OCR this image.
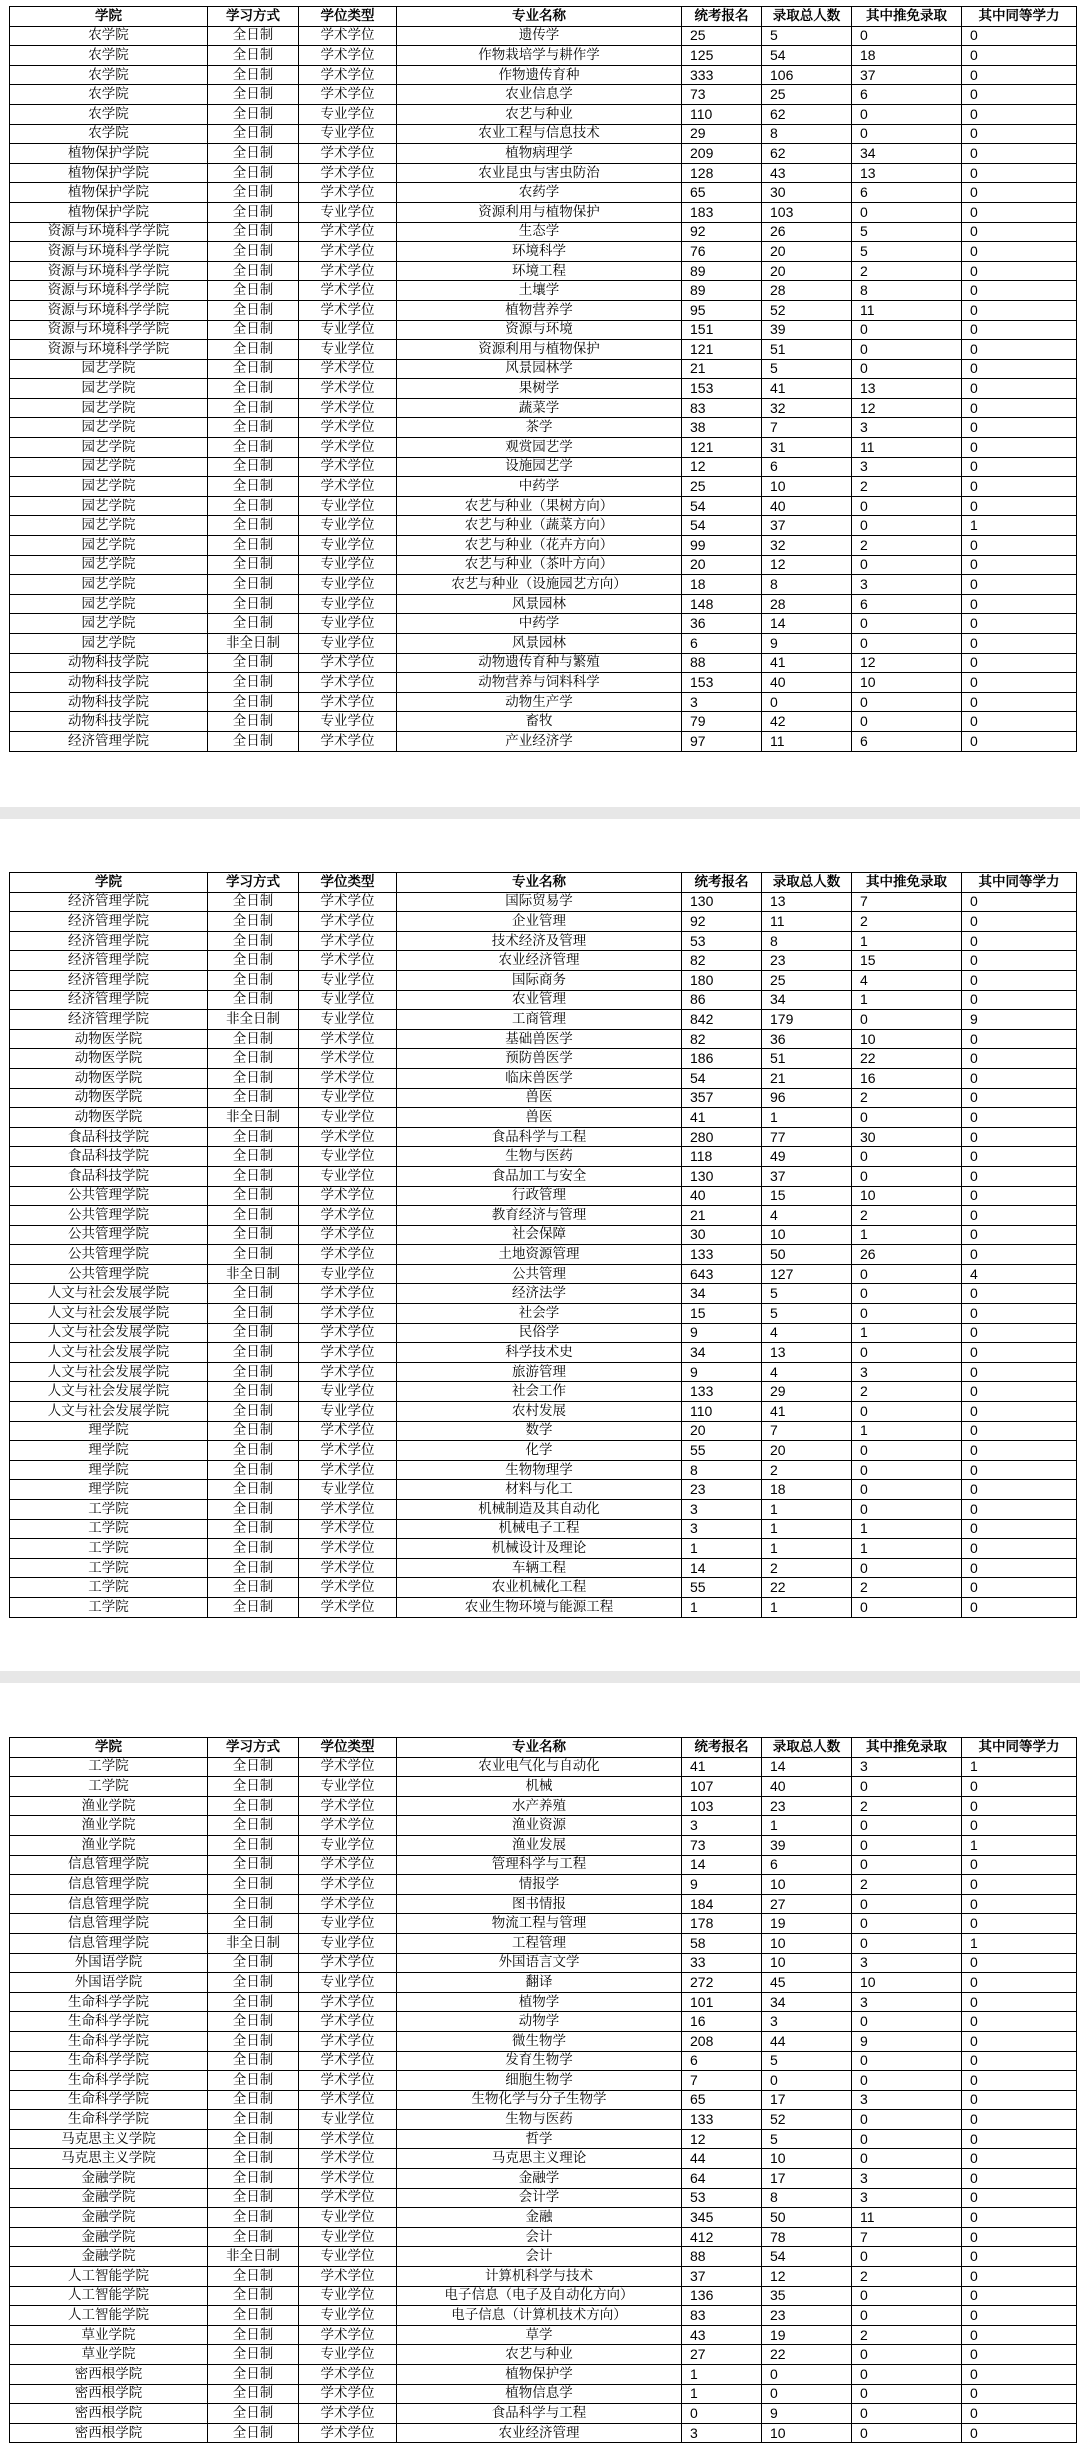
学院	学习方式	学位类型	专业名称	统考报名	录取总人数	其中推免录取	其中同等学力
农学院	全日制	学术学位	遗传学	25	5	0	0
农学院	全日制	学术学位	作物栽培学与耕作学	125	54	18	0
农学院	全日制	学术学位	作物遗传育种	333	106	37	0
农学院	全日制	学术学位	农业信息学	73	25	6	0
农学院	全日制	专业学位	农艺与种业	110	62	0	0
农学院	全日制	专业学位	农业工程与信息技术	29	8	0	0
植物保护学院	全日制	学术学位	植物病理学	209	62	34	0
植物保护学院	全日制	学术学位	农业昆虫与害虫防治	128	43	13	0
植物保护学院	全日制	学术学位	农药学	65	30	6	0
植物保护学院	全日制	专业学位	资源利用与植物保护	183	103	0	0
资源与环境科学学院	全日制	学术学位	生态学	92	26	5	0
资源与环境科学学院	全日制	学术学位	环境科学	76	20	5	0
资源与环境科学学院	全日制	学术学位	环境工程	89	20	2	0
资源与环境科学学院	全日制	学术学位	土壤学	89	28	8	0
资源与环境科学学院	全日制	学术学位	植物营养学	95	52	11	0
资源与环境科学学院	全日制	专业学位	资源与环境	151	39	0	0
资源与环境科学学院	全日制	专业学位	资源利用与植物保护	121	51	0	0
园艺学院	全日制	学术学位	风景园林学	21	5	0	0
园艺学院	全日制	学术学位	果树学	153	41	13	0
园艺学院	全日制	学术学位	蔬菜学	83	32	12	0
园艺学院	全日制	学术学位	茶学	38	7	3	0
园艺学院	全日制	学术学位	观赏园艺学	121	31	11	0
园艺学院	全日制	学术学位	设施园艺学	12	6	3	0
园艺学院	全日制	学术学位	中药学	25	10	2	0
园艺学院	全日制	专业学位	农艺与种业（果树方向）	54	40	0	0
园艺学院	全日制	专业学位	农艺与种业（蔬菜方向）	54	37	0	1
园艺学院	全日制	专业学位	农艺与种业（花卉方向）	99	32	2	0
园艺学院	全日制	专业学位	农艺与种业（茶叶方向）	20	12	0	0
园艺学院	全日制	专业学位	农艺与种业（设施园艺方向）	18	8	3	0
园艺学院	全日制	专业学位	风景园林	148	28	6	0
园艺学院	全日制	专业学位	中药学	36	14	0	0
园艺学院	非全日制	专业学位	风景园林	6	9	0	0
动物科技学院	全日制	学术学位	动物遗传育种与繁殖	88	41	12	0
动物科技学院	全日制	学术学位	动物营养与饲料科学	153	40	10	0
动物科技学院	全日制	学术学位	动物生产学	3	0	0	0
动物科技学院	全日制	专业学位	畜牧	79	42	0	0
经济管理学院	全日制	学术学位	产业经济学	97	11	6	0
学院	学习方式	学位类型	专业名称	统考报名	录取总人数	其中推免录取	其中同等学力
经济管理学院	全日制	学术学位	国际贸易学	130	13	7	0
经济管理学院	全日制	学术学位	企业管理	92	11	2	0
经济管理学院	全日制	学术学位	技术经济及管理	53	8	1	0
经济管理学院	全日制	学术学位	农业经济管理	82	23	15	0
经济管理学院	全日制	专业学位	国际商务	180	25	4	0
经济管理学院	全日制	专业学位	农业管理	86	34	1	0
经济管理学院	非全日制	专业学位	工商管理	842	179	0	9
动物医学院	全日制	学术学位	基础兽医学	82	36	10	0
动物医学院	全日制	学术学位	预防兽医学	186	51	22	0
动物医学院	全日制	学术学位	临床兽医学	54	21	16	0
动物医学院	全日制	专业学位	兽医	357	96	2	0
动物医学院	非全日制	专业学位	兽医	41	1	0	0
食品科技学院	全日制	学术学位	食品科学与工程	280	77	30	0
食品科技学院	全日制	专业学位	生物与医药	118	49	0	0
食品科技学院	全日制	专业学位	食品加工与安全	130	37	0	0
公共管理学院	全日制	学术学位	行政管理	40	15	10	0
公共管理学院	全日制	学术学位	教育经济与管理	21	4	2	0
公共管理学院	全日制	学术学位	社会保障	30	10	1	0
公共管理学院	全日制	学术学位	土地资源管理	133	50	26	0
公共管理学院	非全日制	专业学位	公共管理	643	127	0	4
人文与社会发展学院	全日制	学术学位	经济法学	34	5	0	0
人文与社会发展学院	全日制	学术学位	社会学	15	5	0	0
人文与社会发展学院	全日制	学术学位	民俗学	9	4	1	0
人文与社会发展学院	全日制	学术学位	科学技术史	34	13	0	0
人文与社会发展学院	全日制	学术学位	旅游管理	9	4	3	0
人文与社会发展学院	全日制	专业学位	社会工作	133	29	2	0
人文与社会发展学院	全日制	专业学位	农村发展	110	41	0	0
理学院	全日制	学术学位	数学	20	7	1	0
理学院	全日制	学术学位	化学	55	20	0	0
理学院	全日制	学术学位	生物物理学	8	2	0	0
理学院	全日制	专业学位	材料与化工	23	18	0	0
工学院	全日制	学术学位	机械制造及其自动化	3	1	0	0
工学院	全日制	学术学位	机械电子工程	3	1	1	0
工学院	全日制	学术学位	机械设计及理论	1	1	1	0
工学院	全日制	学术学位	车辆工程	14	2	0	0
工学院	全日制	学术学位	农业机械化工程	55	22	2	0
工学院	全日制	学术学位	农业生物环境与能源工程	1	1	0	0
学院	学习方式	学位类型	专业名称	统考报名	录取总人数	其中推免录取	其中同等学力
工学院	全日制	学术学位	农业电气化与自动化	41	14	3	1
工学院	全日制	专业学位	机械	107	40	0	0
渔业学院	全日制	学术学位	水产养殖	103	23	2	0
渔业学院	全日制	学术学位	渔业资源	3	1	0	0
渔业学院	全日制	专业学位	渔业发展	73	39	0	1
信息管理学院	全日制	学术学位	管理科学与工程	14	6	0	0
信息管理学院	全日制	学术学位	情报学	9	10	2	0
信息管理学院	全日制	学术学位	图书情报	184	27	0	0
信息管理学院	全日制	专业学位	物流工程与管理	178	19	0	0
信息管理学院	非全日制	专业学位	工程管理	58	10	0	1
外国语学院	全日制	学术学位	外国语言文学	33	10	3	0
外国语学院	全日制	专业学位	翻译	272	45	10	0
生命科学学院	全日制	学术学位	植物学	101	34	3	0
生命科学学院	全日制	学术学位	动物学	16	3	0	0
生命科学学院	全日制	学术学位	微生物学	208	44	9	0
生命科学学院	全日制	学术学位	发育生物学	6	5	0	0
生命科学学院	全日制	学术学位	细胞生物学	7	0	0	0
生命科学学院	全日制	学术学位	生物化学与分子生物学	65	17	3	0
生命科学学院	全日制	专业学位	生物与医药	133	52	0	0
马克思主义学院	全日制	学术学位	哲学	12	5	0	0
马克思主义学院	全日制	学术学位	马克思主义理论	44	10	0	0
金融学院	全日制	学术学位	金融学	64	17	3	0
金融学院	全日制	学术学位	会计学	53	8	3	0
金融学院	全日制	专业学位	金融	345	50	11	0
金融学院	全日制	专业学位	会计	412	78	7	0
金融学院	非全日制	专业学位	会计	88	54	0	0
人工智能学院	全日制	学术学位	计算机科学与技术	37	12	2	0
人工智能学院	全日制	专业学位	电子信息（电子及自动化方向）	136	35	0	0
人工智能学院	全日制	专业学位	电子信息（计算机技术方向）	83	23	0	0
草业学院	全日制	学术学位	草学	43	19	2	0
草业学院	全日制	专业学位	农艺与种业	27	22	0	0
密西根学院	全日制	学术学位	植物保护学	1	0	0	0
密西根学院	全日制	学术学位	植物信息学	1	0	0	0
密西根学院	全日制	学术学位	食品科学与工程	0	9	0	0
密西根学院	全日制	学术学位	农业经济管理	3	10	0	0
